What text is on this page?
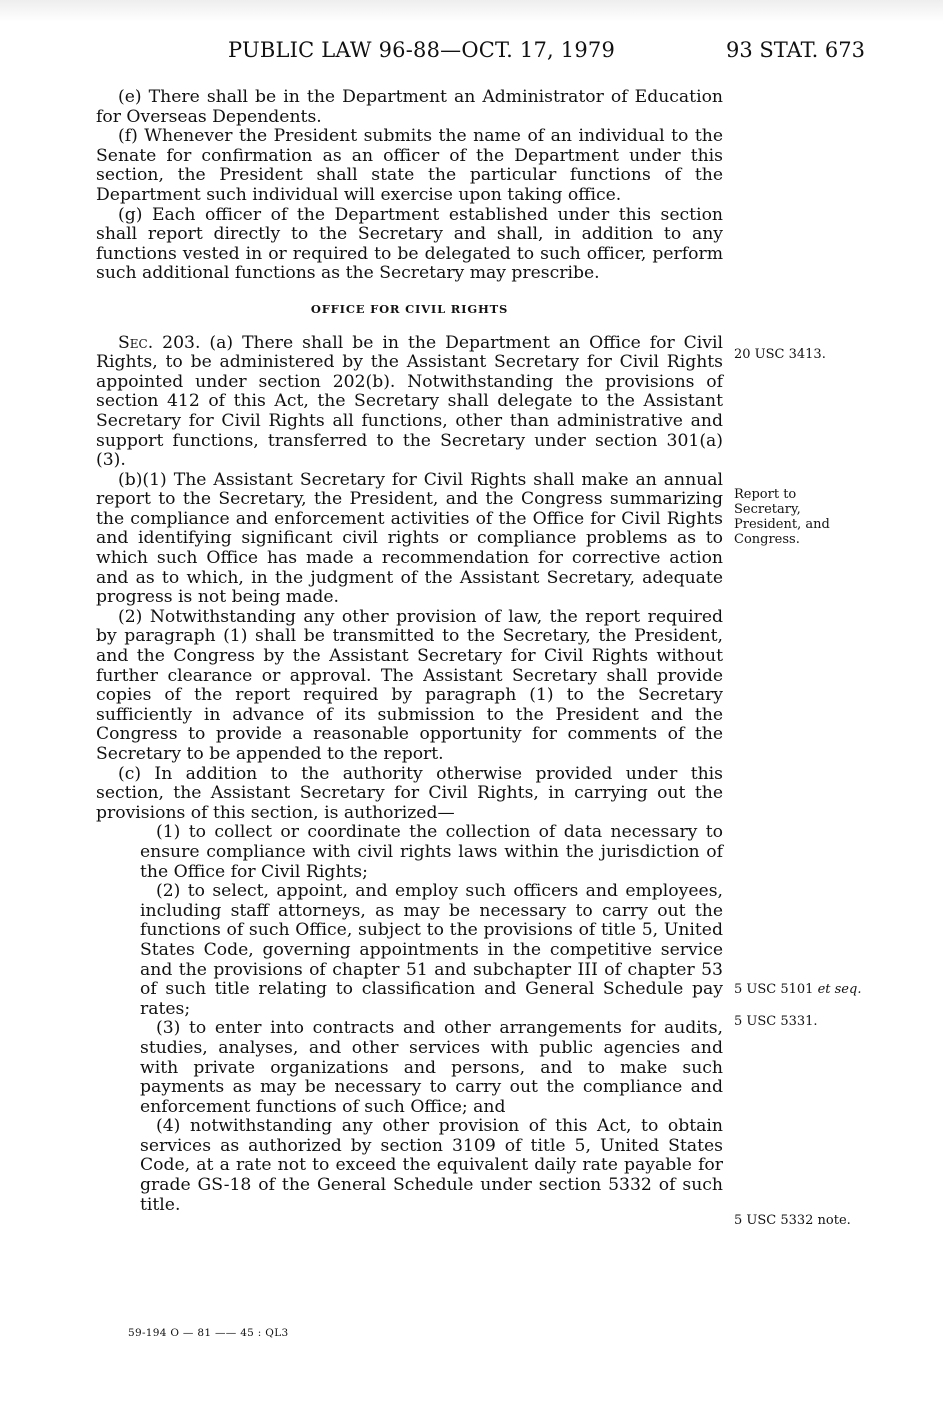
PUBLIC LAW 96-88—OCT. 17, 1979	93 STAT. 673

(e) There shall be in the Department an Administrator of Education for Overseas Dependents.

(f) Whenever the President submits the name of an individual to the Senate for confirmation as an officer of the Department under this section, the President shall state the particular functions of the Department such individual will exercise upon taking office.

(g) Each officer of the Department established under this section shall report directly to the Secretary and shall, in addition to any functions vested in or required to be delegated to such officer, perform such additional functions as the Secretary may prescribe.

OFFICE FOR CIVIL RIGHTS

Sec. 203. (a) There shall be in the Department an Office for Civil Rights, to be administered by the Assistant Secretary for Civil Rights appointed under section 202(b). Notwithstanding the provisions of section 412 of this Act, the Secretary shall delegate to the Assistant Secretary for Civil Rights all functions, other than administrative and support functions, transferred to the Secretary under section 301(a)(3).

(b)(1) The Assistant Secretary for Civil Rights shall make an annual report to the Secretary, the President, and the Congress summarizing the compliance and enforcement activities of the Office for Civil Rights and identifying significant civil rights or compliance problems as to which such Office has made a recommendation for corrective action and as to which, in the judgment of the Assistant Secretary, adequate progress is not being made.

(2) Notwithstanding any other provision of law, the report required by paragraph (1) shall be transmitted to the Secretary, the President, and the Congress by the Assistant Secretary for Civil Rights without further clearance or approval. The Assistant Secretary shall provide copies of the report required by paragraph (1) to the Secretary sufficiently in advance of its submission to the President and the Congress to provide a reasonable opportunity for comments of the Secretary to be appended to the report.

(c) In addition to the authority otherwise provided under this section, the Assistant Secretary for Civil Rights, in carrying out the provisions of this section, is authorized—

(1) to collect or coordinate the collection of data necessary to ensure compliance with civil rights laws within the jurisdiction of the Office for Civil Rights;

(2) to select, appoint, and employ such officers and employees, including staff attorneys, as may be necessary to carry out the functions of such Office, subject to the provisions of title 5, United States Code, governing appointments in the competitive service and the provisions of chapter 51 and subchapter III of chapter 53 of such title relating to classification and General Schedule pay rates;

(3) to enter into contracts and other arrangements for audits, studies, analyses, and other services with public agencies and with private organizations and persons, and to make such payments as may be necessary to carry out the compliance and enforcement functions of such Office; and

(4) notwithstanding any other provision of this Act, to obtain services as authorized by section 3109 of title 5, United States Code, at a rate not to exceed the equivalent daily rate payable for grade GS-18 of the General Schedule under section 5332 of such title.

20 USC 3413.
Report to Secretary, President, and Congress.
5 USC 5101 et seq.
5 USC 5331.
5 USC 5332 note.
59-194 O — 81 —— 45 : QL3
